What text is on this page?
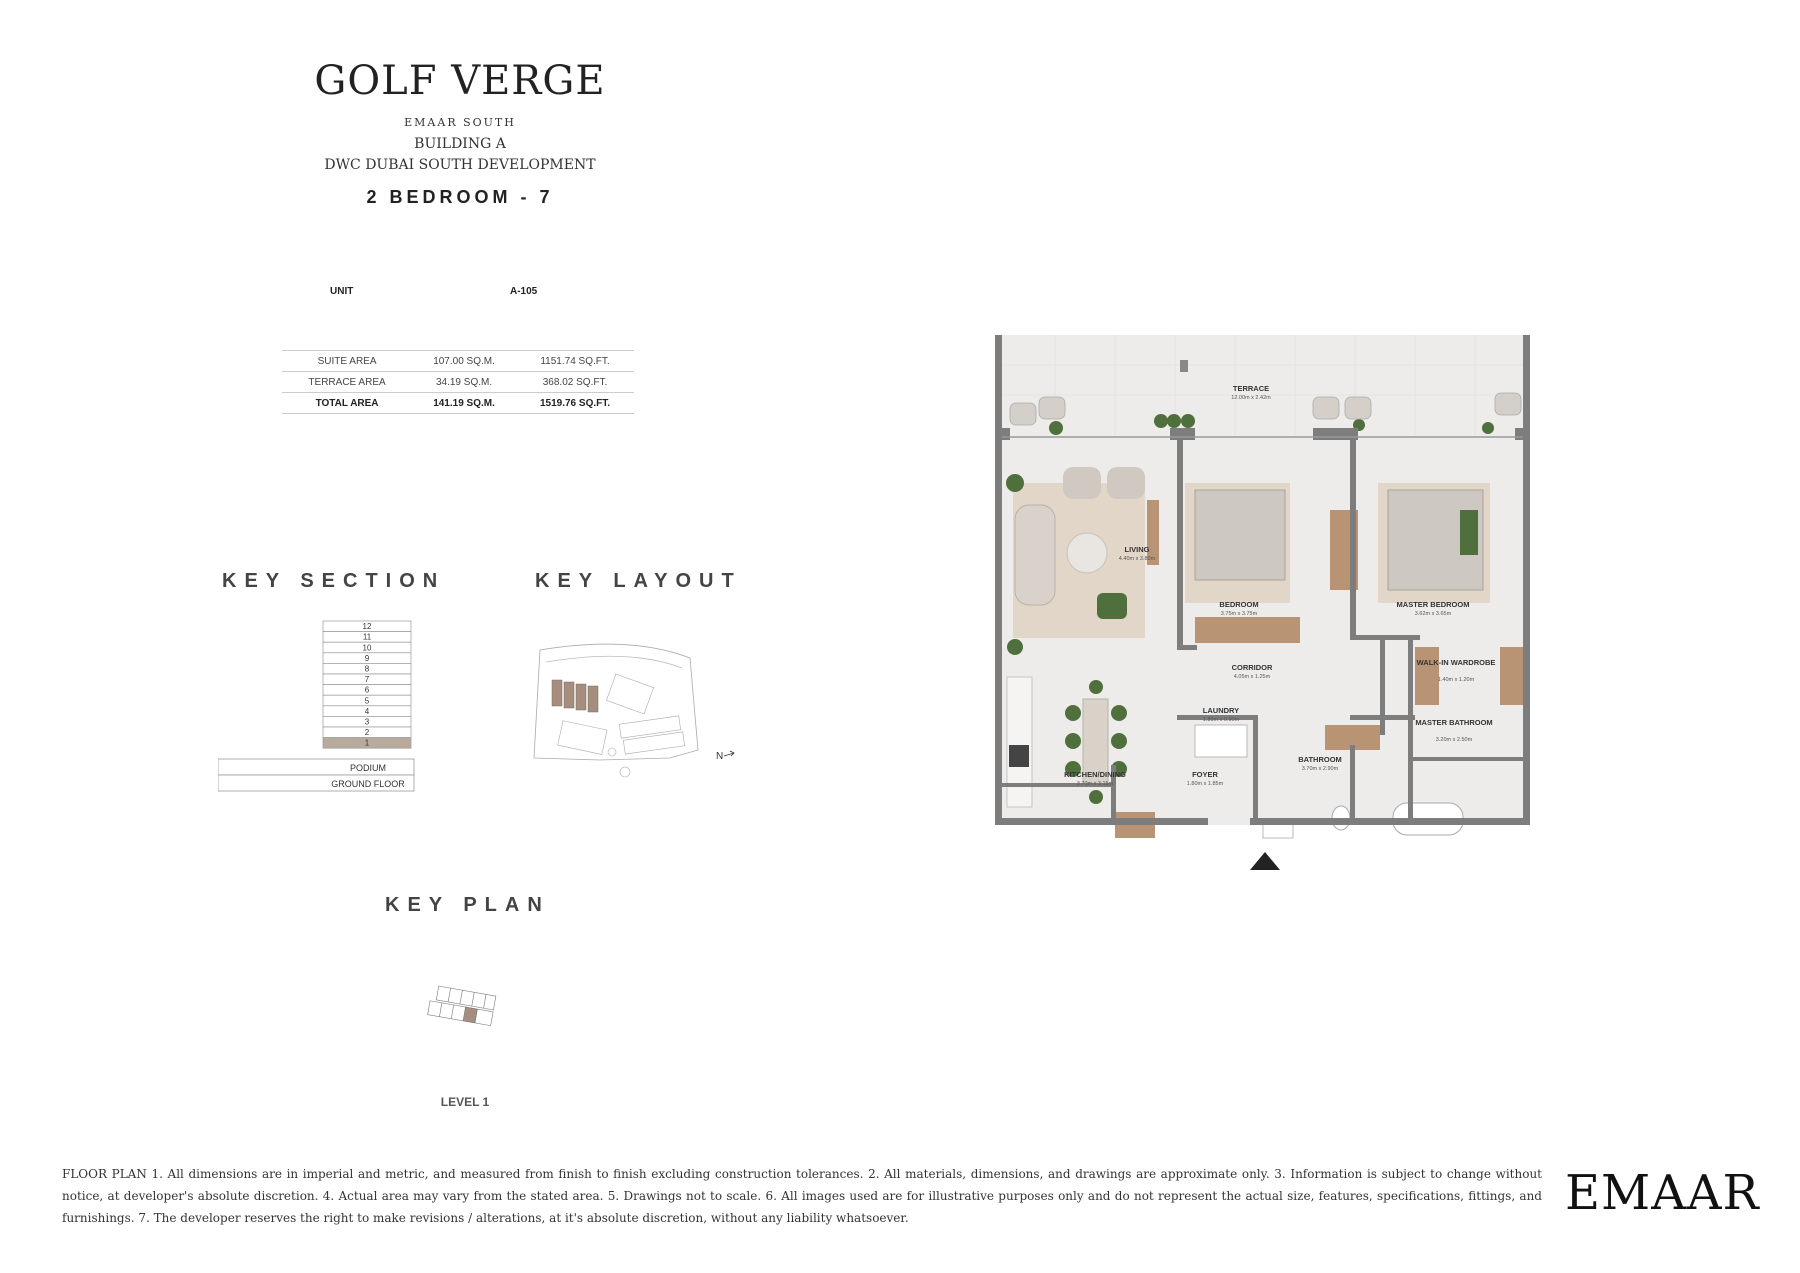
GOLF VERGE
EMAAR SOUTH
BUILDING A
DWC DUBAI SOUTH DEVELOPMENT
2 BEDROOM - 7
UNIT	A-105
SUITE AREA	107.00 SQ.M.	1151.74 SQ.FT.
TERRACE AREA	34.19 SQ.M.	368.02 SQ.FT.
TOTAL AREA	141.19 SQ.M.	1519.76 SQ.FT.
KEY SECTION	KEY LAYOUT
12
11
10
9
8
7
6
5
4
3
2
1
PODIUM
GROUND FLOOR
N
KEY PLAN
LEVEL 1
TERRACE
LIVING
BEDROOM	MASTER BEDROOM
WALK-IN WARDROBE
CORRIDOR
LAUNDRY
MASTER BATHROOM
BATHROOM
KITCHEN/DINING	FOYER
12.00m x 2.42m
4.40m x 3.80m
3.75m x 3.75m	3.62m x 3.65m
1.40m x 1.20m
4.05m x 1.25m
1.85m x 0.90m
3.20m x 2.50m
3.70m x 2.90m
3.70m x 3.15m	1.80m x 1.85m
FLOOR PLAN 1. All dimensions are in imperial and metric, and measured from finish to finish excluding construction tolerances. 2. All materials, dimensions, and drawings are approximate only. 3. Information is subject to change without notice, at developer's absolute discretion. 4. Actual area may vary from the stated area. 5. Drawings not to scale. 6. All images used are for illustrative purposes only and do not represent the actual size, features, specifications, fittings, and furnishings. 7. The developer reserves the right to make revisions / alterations, at it's absolute discretion, without any liability whatsoever.	EMAAR
